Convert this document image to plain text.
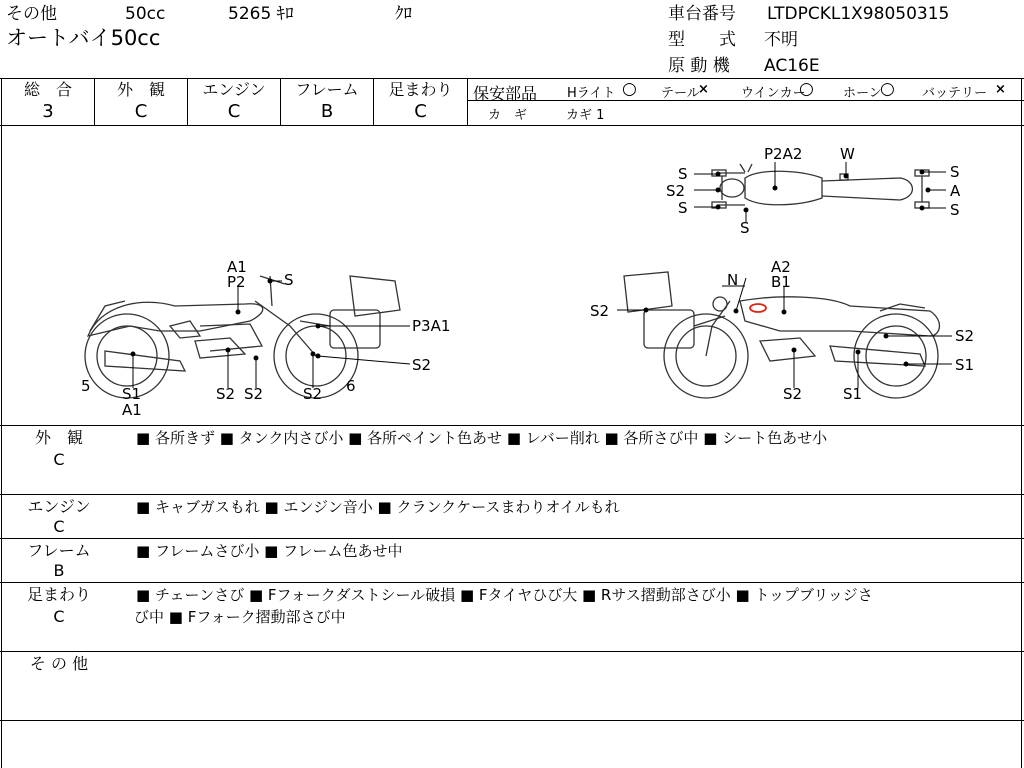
その他	50cc	5265 ｷﾛ	ｸﾛ
オートバイ50cc
車台番号 LTDPCKL1X98050315
型　　式 不明
原 動 機 AC16E
総　合
3
外　観
C
エンジン
C
フレーム
B
足まわり
C
保安部品 Hライト ○ テール
× ウインカー
○ ホーン
○ バッテリー ×
カ　ギ	カギ 1
S
S2
S
S
P2A2	W
S
A
S
A1
P2	S
P3A1
S2
5 S1
A1
S2 S2	S2 6
N
A2
B1
S2
S2
S1
S2	S1
外　観
C
■ 各所きず ■ タンク内さび小 ■ 各所ペイント色あせ ■ レバー削れ ■ 各所さび中 ■ シート色あせ小
エンジン
C
■ キャブガスもれ ■ エンジン音小 ■ クランクケースまわりオイルもれ
フレーム
B
■ フレームさび小 ■ フレーム色あせ中
足まわり
C
■ チェーンさび ■ Fフォークダストシール破損 ■ Fタイヤひび大 ■ Rサス摺動部さび小 ■ トップブリッジさ
び中 ■ Fフォーク摺動部さび中
そ の 他
